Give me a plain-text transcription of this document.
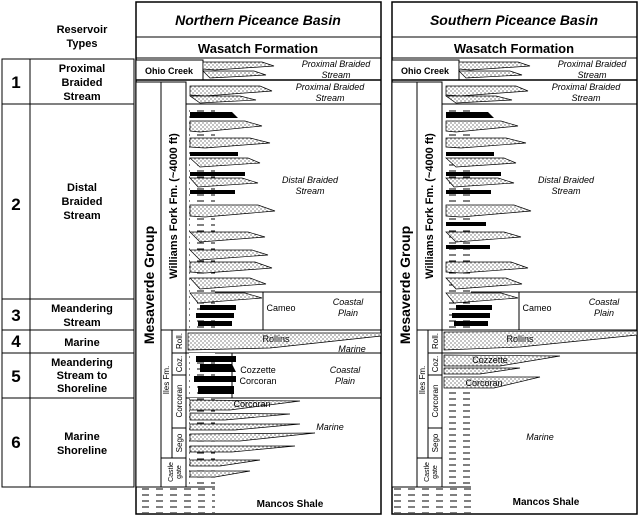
Reservoir
Types
1
Proximal
Braided
Stream
2
Distal
Braided
Stream
3	Meandering
Stream
4	Marine
5
Meandering
Stream to
Shoreline
6	Marine
Shoreline
Northern Piceance Basin
Wasatch Formation
Ohio Creek
Proximal Braided
Stream
Proximal Braided
Stream
Mesaverde Group
Williams Fork Fm. (~4000 ft)
Iles Fm.
Roll.
Coz.
Corcoran
Sego
Castle gate
Distal Braided
Stream
Cameo
Coastal
Plain
Rollins
Marine
Cozzette
Corcoran
Coastal
Plain
Corcoran
Marine
Mancos Shale
Southern Piceance Basin
Wasatch Formation
Ohio Creek
Proximal Braided
Stream
Proximal Braided
Stream
Mesaverde Group
Williams Fork Fm. (~4000 ft)
Iles Fm.
Roll.
Coz.
Corcoran
Sego
Castle gate
Distal Braided
Stream
Cameo
Coastal
Plain
Rollins
Cozzette
Corcoran
Marine
Mancos Shale
